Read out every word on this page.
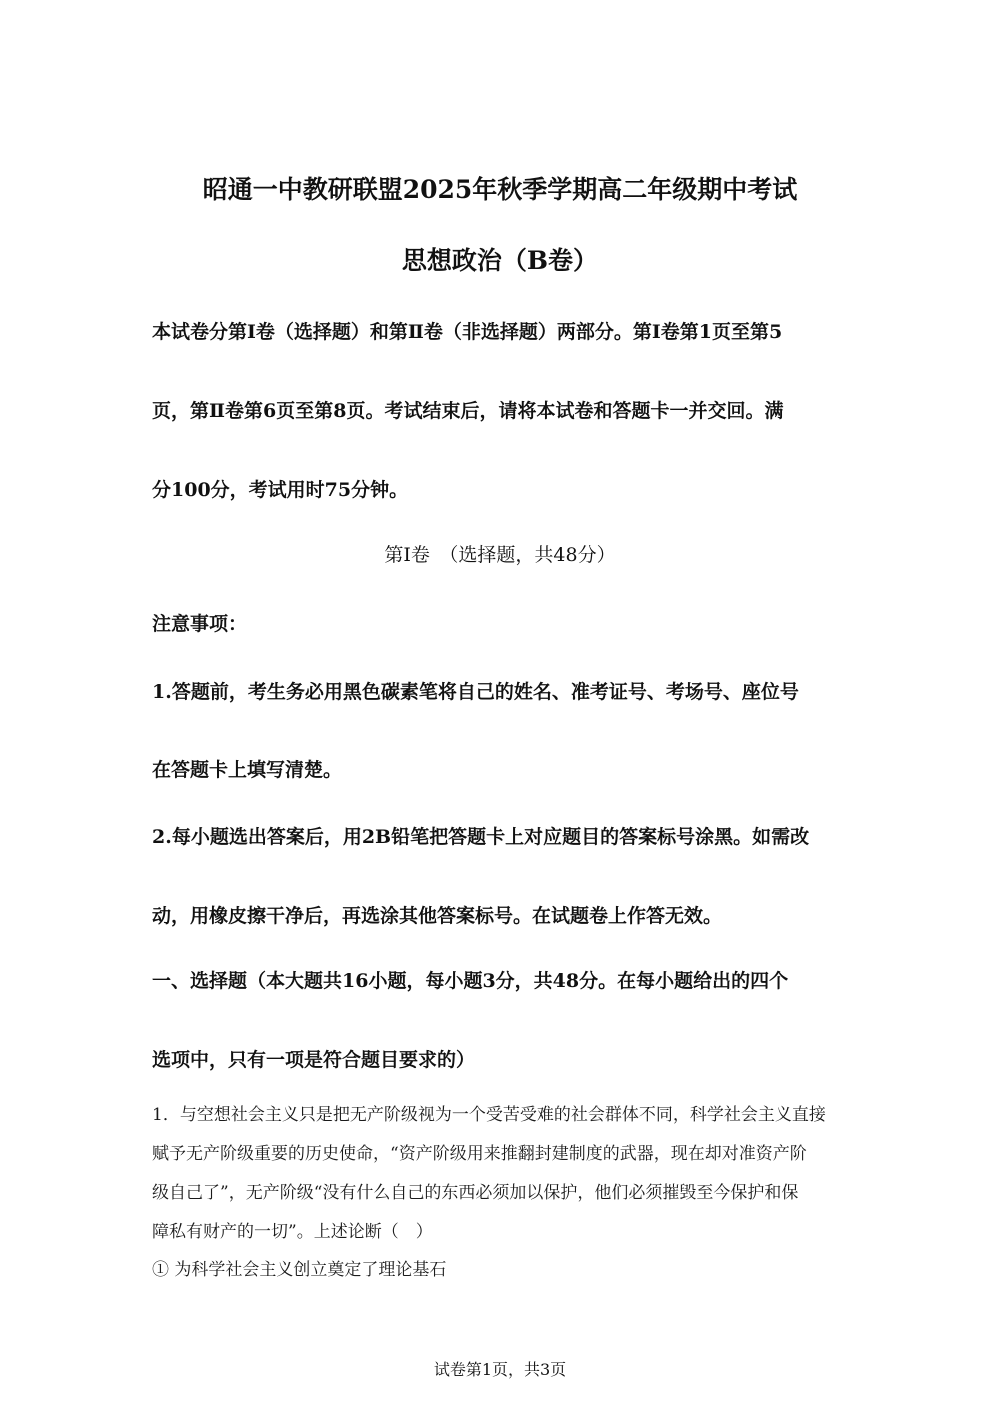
昭通一中教研联盟2025年秋季学期高二年级期中考试
思想政治（B卷）
本试卷分第Ⅰ卷（选择题）和第Ⅱ卷（非选择题）两部分。第Ⅰ卷第1页至第5
页，第Ⅱ卷第6页至第8页。考试结束后，请将本试卷和答题卡一并交回。满
分100分，考试用时75分钟。
第Ⅰ卷　（选择题，共48分）
注意事项：
1.答题前，考生务必用黑色碳素笔将自己的姓名、准考证号、考场号、座位号
在答题卡上填写清楚。
2.每小题选出答案后，用2B铅笔把答题卡上对应题目的答案标号涂黑。如需改
动，用橡皮擦干净后，再选涂其他答案标号。在试题卷上作答无效。
一、选择题（本大题共16小题，每小题3分，共48分。在每小题给出的四个
选项中，只有一项是符合题目要求的）
1．与空想社会主义只是把无产阶级视为一个受苦受难的社会群体不同，科学社会主义直接
赋予无产阶级重要的历史使命，“资产阶级用来推翻封建制度的武器，现在却对准资产阶
级自己了”，无产阶级“没有什么自己的东西必须加以保护，他们必须摧毁至今保护和保
障私有财产的一切”。上述论断（　）
① 为科学社会主义创立奠定了理论基石
试卷第1页，共3页
